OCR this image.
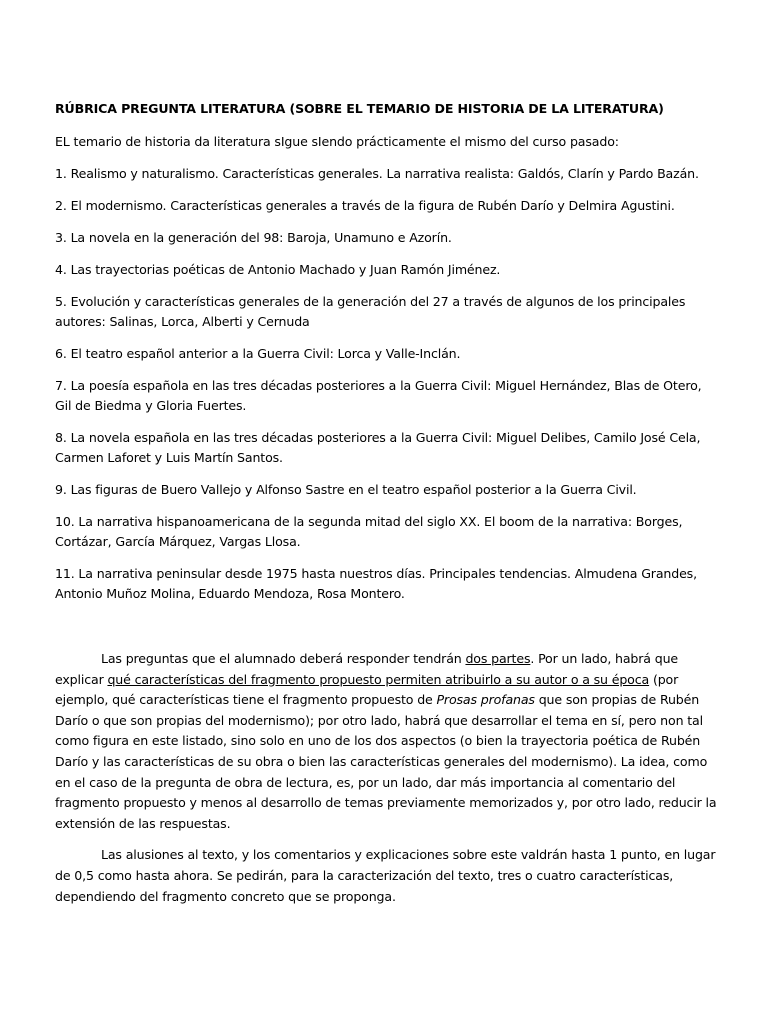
RÚBRICA PREGUNTA LITERATURA (SOBRE EL TEMARIO DE HISTORIA DE LA LITERATURA)

EL temario de historia da literatura sIgue sIendo prácticamente el mismo del curso pasado:

1. Realismo y naturalismo. Características generales. La narrativa realista: Galdós, Clarín y Pardo Bazán.
2. El modernismo. Características generales a través de la figura de Rubén Darío y Delmira Agustini.
3. La novela en la generación del 98: Baroja, Unamuno e Azorín.
4. Las trayectorias poéticas de Antonio Machado y Juan Ramón Jiménez.
5. Evolución y características generales de la generación del 27 a través de algunos de los principales autores: Salinas, Lorca, Alberti y Cernuda
6. El teatro español anterior a la Guerra Civil: Lorca y Valle-Inclán.
7. La poesía española en las tres décadas posteriores a la Guerra Civil: Miguel Hernández, Blas de Otero, Gil de Biedma y Gloria Fuertes.
8. La novela española en las tres décadas posteriores a la Guerra Civil: Miguel Delibes, Camilo José Cela, Carmen Laforet y Luis Martín Santos.
9. Las figuras de Buero Vallejo y Alfonso Sastre en el teatro español posterior a la Guerra Civil.
10. La narrativa hispanoamericana de la segunda mitad del siglo XX. El boom de la narrativa: Borges, Cortázar, García Márquez, Vargas Llosa.
11. La narrativa peninsular desde 1975 hasta nuestros días. Principales tendencias. Almudena Grandes, Antonio Muñoz Molina, Eduardo Mendoza, Rosa Montero.

Las preguntas que el alumnado deberá responder tendrán dos partes. Por un lado, habrá que explicar qué características del fragmento propuesto permiten atribuirlo a su autor o a su época (por ejemplo, qué características tiene el fragmento propuesto de Prosas profanas que son propias de Rubén Darío o que son propias del modernismo); por otro lado, habrá que desarrollar el tema en sí, pero non tal como figura en este listado, sino solo en uno de los dos aspectos (o bien la trayectoria poética de Rubén Darío y las características de su obra o bien las características generales del modernismo). La idea, como en el caso de la pregunta de obra de lectura, es, por un lado, dar más importancia al comentario del fragmento propuesto y menos al desarrollo de temas previamente memorizados y, por otro lado, reducir la extensión de las respuestas.

Las alusiones al texto, y los comentarios y explicaciones sobre este valdrán hasta 1 punto, en lugar de 0,5 como hasta ahora. Se pedirán, para la caracterización del texto, tres o cuatro características, dependiendo del fragmento concreto que se proponga.
